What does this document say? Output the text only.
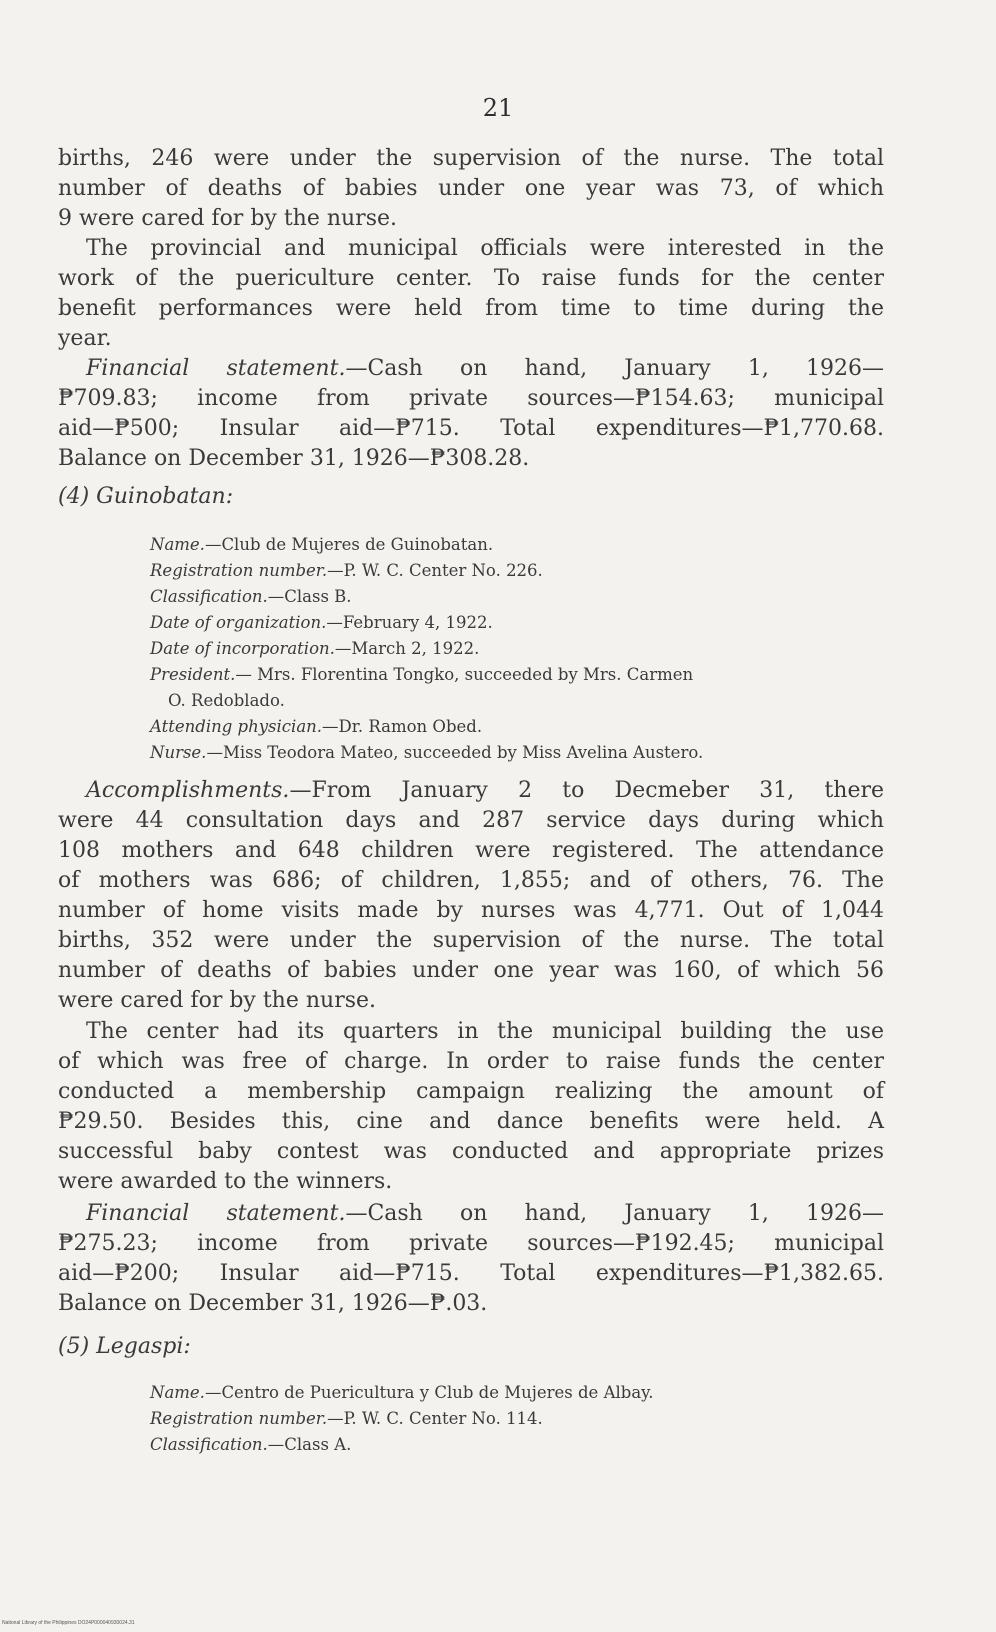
21
births, 246 were under the supervision of the nurse. The total
number of deaths of babies under one year was 73, of which
9 were cared for by the nurse.
The provincial and municipal officials were interested in the
work of the puericulture center. To raise funds for the center
benefit performances were held from time to time during the
year.
Financial statement.—Cash on hand, January 1, 1926—
₱709.83; income from private sources—₱154.63; municipal
aid—₱500; Insular aid—₱715. Total expenditures—₱1,770.68.
Balance on December 31, 1926—₱308.28.
(4) Guinobatan:
Name.—Club de Mujeres de Guinobatan.
Registration number.—P. W. C. Center No. 226.
Classification.—Class B.
Date of organization.—February 4, 1922.
Date of incorporation.—March 2, 1922.
President.— Mrs. Florentina Tongko, succeeded by Mrs. Carmen
O. Redoblado.
Attending physician.—Dr. Ramon Obed.
Nurse.—Miss Teodora Mateo, succeeded by Miss Avelina Austero.
Accomplishments.—From January 2 to Decmeber 31, there
were 44 consultation days and 287 service days during which
108 mothers and 648 children were registered. The attendance
of mothers was 686; of children, 1,855; and of others, 76. The
number of home visits made by nurses was 4,771. Out of 1,044
births, 352 were under the supervision of the nurse. The total
number of deaths of babies under one year was 160, of which 56
were cared for by the nurse.
The center had its quarters in the municipal building the use
of which was free of charge. In order to raise funds the center
conducted a membership campaign realizing the amount of
₱29.50. Besides this, cine and dance benefits were held. A
successful baby contest was conducted and appropriate prizes
were awarded to the winners.
Financial statement.—Cash on hand, January 1, 1926—
₱275.23; income from private sources—₱192.45; municipal
aid—₱200; Insular aid—₱715. Total expenditures—₱1,382.65.
Balance on December 31, 1926—₱.03.
(5) Legaspi:
Name.—Centro de Puericultura y Club de Mujeres de Albay.
Registration number.—P. W. C. Center No. 114.
Classification.—Class A.
National Library of the Philippines DO24P000040930024.31
